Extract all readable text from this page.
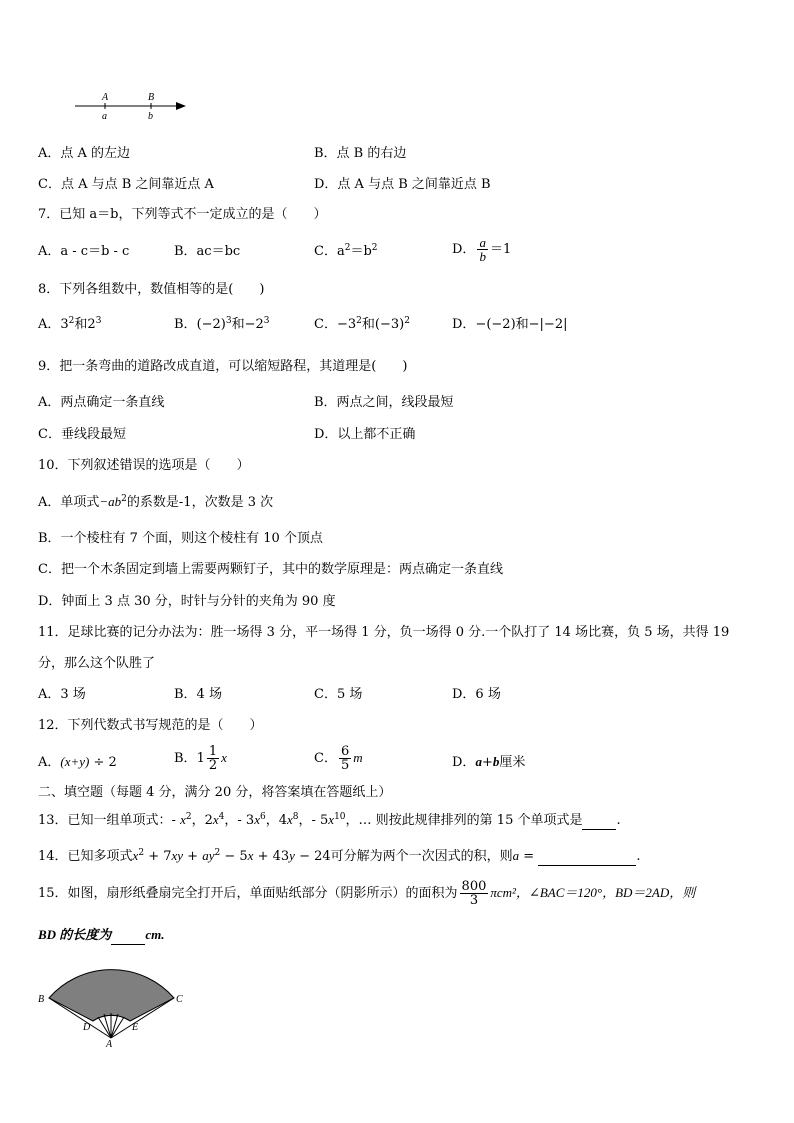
A
a
B
b
A．点 A 的左边	B．点 B 的右边
C．点 A 与点 B 之间靠近点 A	D．点 A 与点 B 之间靠近点 B
7．已知 a＝b，下列等式不一定成立的是（　　）
A．a - c＝b - c	B．ac＝bc	C．$a^2=b^2$	D． $\frac{a}{b} =1$
8．下列各组数中，数值相等的是(　　)
A．$3^2$和$2^3$	B．$(-2)^3$和$-2^3$	C．$-3^2$和$(-3)^2$	D．−(−2)和−|−2|
9．把一条弯曲的道路改成直道，可以缩短路程，其道理是(　　)
A．两点确定一条直线	B．两点之间，线段最短
C．垂线段最短	D．以上都不正确
10．下列叙述错误的选项是（　　）
A．单项式$-ab^2$的系数是-1，次数是 3 次
B．一个棱柱有 7 个面，则这个棱柱有 10 个顶点
C．把一个木条固定到墙上需要两颗钉子，其中的数学原理是：两点确定一条直线
D．钟面上 3 点 30 分，时针与分针的夹角为 90 度
11．足球比赛的记分办法为：胜一场得 3 分，平一场得 1 分，负一场得 0 分.一个队打了 14 场比赛，负 5 场，共得 19
分，那么这个队胜了
A．3 场	B．4 场	C．5 场	D．6 场
12．下列代数式书写规范的是（　　）
A．(x+y) ÷ 2	B．$1 \frac{1}{2}$ x	C． $\frac{6}{5}$ m	D．a+b厘米
二、填空题（每题 4 分，满分 20 分，将答案填在答题纸上）
13．已知一组单项式：- $x^2$，$2x^4$，- $3x^6$，$4x^8$，- $5x^{10}$，… 则按此规律排列的第 15 个单项式是	.
14．已知多项式$x^2 + 7xy + ay^2 - 5x + 43y - 24$可分解为两个一次因式的积，则a =	.
15．如图，扇形纸叠扇完全打开后，单面贴纸部分（阴影所示）的面积为 $\frac{800}{3} \pi cm^2$，∠BAC＝120°，BD＝2AD，则
BD 的长度为	cm.
B	C
D	E
A
